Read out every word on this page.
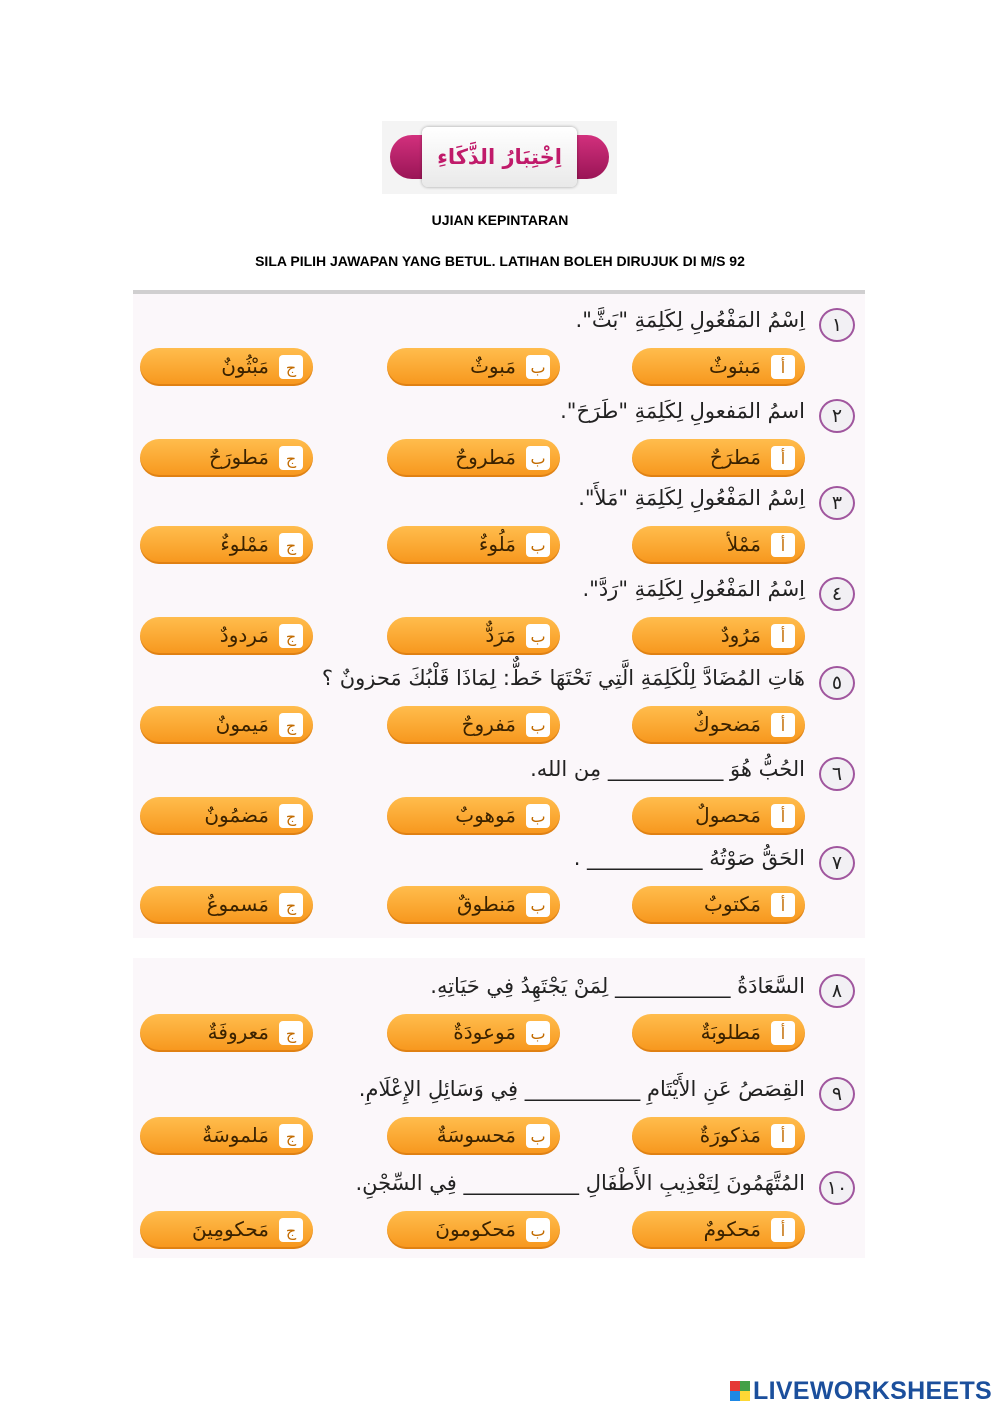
اِخْتِبَارُ الذَّكَاءِ
UJIAN KEPINTARAN
SILA PILIH JAWAPAN YANG BETUL. LATIHAN BOLEH DIRUJUK DI M/S 92
١
اِسْمُ المَفْعُولِ لِكَلِمَةِ "بَثَّ".
أ
مَبثوثٌ
ب
مَبوثٌ
ج
مَبْثُونٌ
٢
اسمُ المَفعولِ لِكَلِمَةِ "طَرَحَ".
أ
مَطرَحٌ
ب
مَطروحٌ
ج
مَطورَحٌ
٣
اِسْمُ المَفْعُولِ لِكَلِمَةِ "مَلأَ".
أ
مَمْلأ
ب
مَلُوءٌ
ج
مَمْلوءٌ
٤
اِسْمُ المَفْعُولِ لِكَلِمَةِ "رَدَّ".
أ
مَرُودٌ
ب
مَرَدٌّ
ج
مَردودٌ
٥
هَاتِ المُضَادَّ لِلْكَلِمَةِ الَّتِي تَحْتَهَا خَطٌّ: لِمَاذَا قَلْبُكَ مَحزونٌ ؟
أ
مَضحوكٌ
ب
مَفروحٌ
ج
مَيمونٌ
٦
الحُبُّ هُوَ ___________ مِن الله.
أ
مَحصولٌ
ب
مَوهوبٌ
ج
مَضمُونٌ
٧
الحَقُّ صَوْتُهُ ___________ .
أ
مَكتوبٌ
ب
مَنطوقٌ
ج
مَسموعٌ
٨
السَّعَادَةُ ___________ لِمَنْ يَجْتَهِدُ فِي حَيَاتِهِ.
أ
مَطلوبَةٌ
ب
مَوعودَةٌ
ج
مَعروفَةٌ
٩
القِصَصُ عَنِ الأَيْتَامِ ___________ فِي وَسَائِلِ الإِعْلَامِ.
أ
مَذكورَةٌ
ب
مَحسوسَةٌ
ج
مَلموسَةٌ
١٠
المُتَّهَمُونَ لِتَعْذِيبِ الأَطْفَالِ ___________ فِي السِّجْنِ.
أ
مَحكومٌ
ب
مَحكومونَ
ج
مَحكومِينَ
LIVEWORKSHEETS
